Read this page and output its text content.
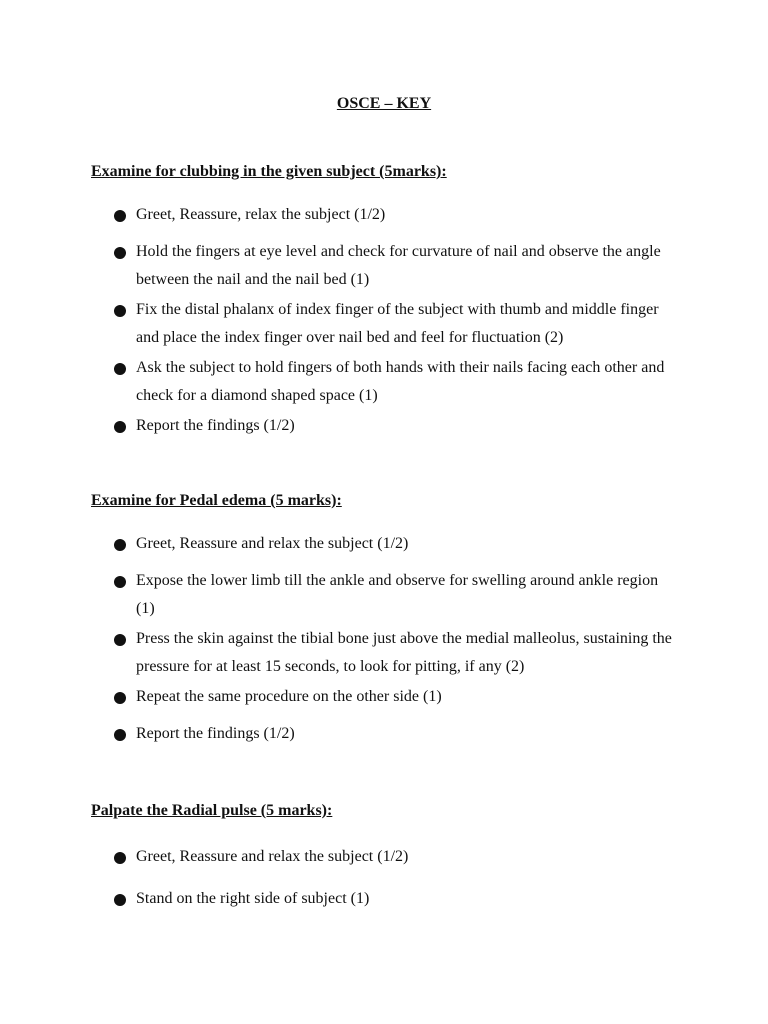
OSCE – KEY
Examine for clubbing in the given subject (5marks):
Greet, Reassure, relax the subject (1/2)
Hold the fingers at eye level and check for curvature of nail and observe the angle between the nail and the nail bed (1)
Fix the distal phalanx of index finger of the subject with thumb and middle finger and place the index finger over nail bed and feel for fluctuation (2)
Ask the subject to hold fingers of both hands with their nails facing each other and check for a diamond shaped space (1)
Report the findings (1/2)
Examine for Pedal edema (5 marks):
Greet, Reassure and relax the subject (1/2)
Expose the lower limb till the ankle and observe for swelling around ankle region (1)
Press the skin against the tibial bone just above the medial malleolus, sustaining the pressure for at least 15 seconds, to look for pitting, if any (2)
Repeat the same procedure on the other side (1)
Report the findings (1/2)
Palpate the Radial pulse (5 marks):
Greet, Reassure and relax the subject (1/2)
Stand on the right side of subject (1)
